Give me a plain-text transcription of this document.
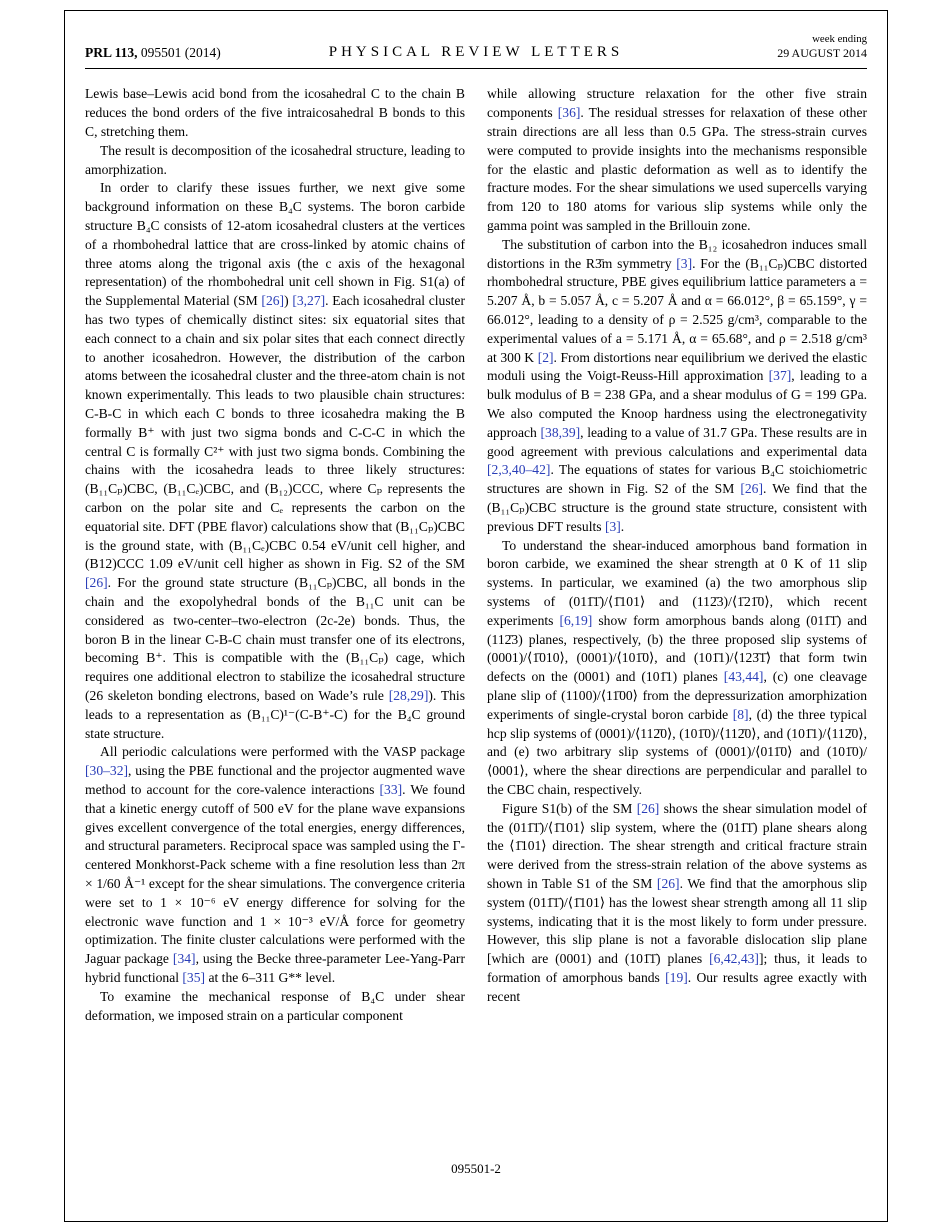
PRL 113, 095501 (2014)	PHYSICAL REVIEW LETTERS
week ending
29 AUGUST 2014

Lewis base–Lewis acid bond from the icosahedral C to the chain B reduces the bond orders of the five intraicosahedral B bonds to this C, stretching them.

The result is decomposition of the icosahedral structure, leading to amorphization.

In order to clarify these issues further, we next give some background information on these B₄C systems. The boron carbide structure B₄C consists of 12-atom icosahedral clusters at the vertices of a rhombohedral lattice that are cross-linked by atomic chains of three atoms along the trigonal axis (the c axis of the hexagonal representation) of the rhombohedral unit cell shown in Fig. S1(a) of the Supplemental Material (SM [26]) [3,27]. Each icosahedral cluster has two types of chemically distinct sites: six equatorial sites that each connect to a chain and six polar sites that each connect directly to another icosahedron. However, the distribution of the carbon atoms between the icosahedral cluster and the three-atom chain is not known experimentally. This leads to two plausible chain structures: C-B-C in which each C bonds to three icosahedra making the B formally B⁺ with just two sigma bonds and C-C-C in which the central C is formally C²⁺ with just two sigma bonds. Combining the chains with the icosahedra leads to three likely structures: (B₁₁Cₚ)CBC, (B₁₁Cₑ)CBC, and (B₁₂)CCC, where Cₚ represents the carbon on the polar site and Cₑ represents the carbon on the equatorial site. DFT (PBE flavor) calculations show that (B₁₁Cₚ)CBC is the ground state, with (B₁₁Cₑ)CBC 0.54 eV/unit cell higher, and (B12)CCC 1.09 eV/unit cell higher as shown in Fig. S2 of the SM [26]. For the ground state structure (B₁₁Cₚ)CBC, all bonds in the chain and the exopolyhedral bonds of the B₁₁C unit can be considered as two-center–two-electron (2c-2e) bonds. Thus, the boron B in the linear C-B-C chain must transfer one of its electrons, becoming B⁺. This is compatible with the (B₁₁Cₚ) cage, which requires one additional electron to stabilize the icosahedral structure (26 skeleton bonding electrons, based on Wade’s rule [28,29]). This leads to a representation as (B₁₁C)¹⁻(C-B⁺-C) for the B₄C ground state structure.

All periodic calculations were performed with the VASP package [30–32], using the PBE functional and the projector augmented wave method to account for the core-valence interactions [33]. We found that a kinetic energy cutoff of 500 eV for the plane wave expansions gives excellent convergence of the total energies, energy differences, and structural parameters. Reciprocal space was sampled using the Γ-centered Monkhorst-Pack scheme with a fine resolution less than 2π × 1/60 Å⁻¹ except for the shear simulations. The convergence criteria were set to 1 × 10⁻⁶ eV energy difference for solving for the electronic wave function and 1 × 10⁻³ eV/Å force for geometry optimization. The finite cluster calculations were performed with the Jaguar package [34], using the Becke three-parameter Lee-Yang-Parr hybrid functional [35] at the 6–311 G** level.

To examine the mechanical response of B₄C under shear deformation, we imposed strain on a particular component

while allowing structure relaxation for the other five strain components [36]. The residual stresses for relaxation of these other strain directions are all less than 0.5 GPa. The stress-strain curves were computed to provide insights into the mechanisms responsible for the elastic and plastic deformation as well as to identify the fracture modes. For the shear simulations we used supercells varying from 120 to 180 atoms for various slip systems while only the gamma point was sampled in the Brillouin zone.

The substitution of carbon into the B₁₂ icosahedron induces small distortions in the R3̄m symmetry [3]. For the (B₁₁Cₚ)CBC distorted rhombohedral structure, PBE gives equilibrium lattice parameters a = 5.207 Å, b = 5.057 Å, c = 5.207 Å and α = 66.012°, β = 65.159°, γ = 66.012°, leading to a density of ρ = 2.525 g/cm³, comparable to the experimental values of a = 5.171 Å, α = 65.68°, and ρ = 2.518 g/cm³ at 300 K [2]. From distortions near equilibrium we derived the elastic moduli using the Voigt-Reuss-Hill approximation [37], leading to a bulk modulus of B = 238 GPa, and a shear modulus of G = 199 GPa. We also computed the Knoop hardness using the electronegativity approach [38,39], leading to a value of 31.7 GPa. These results are in good agreement with previous calculations and experimental data [2,3,40–42]. The equations of states for various B₄C stoichiometric structures are shown in Fig. S2 of the SM [26]. We find that the (B₁₁Cₚ)CBC structure is the ground state structure, consistent with previous DFT results [3].

To understand the shear-induced amorphous band formation in boron carbide, we examined the shear strength at 0 K of 11 slip systems. In particular, we examined (a) the two amorphous slip systems of (011̄1̄)/⟨1̄101⟩ and (112̄3)/⟨1̄21̄0⟩, which recent experiments [6,19] show form amorphous bands along (011̄1̄) and (112̄3) planes, respectively, (b) the three proposed slip systems of (0001)/⟨1̄010⟩, (0001)/⟨101̄0⟩, and (101̄1)/⟨123̄1̄⟩ that form twin defects on the (0001) and (101̄1) planes [43,44], (c) one cleavage plane slip of (1100)/⟨11̄00⟩ from the depressurization amorphization experiments of single-crystal boron carbide [8], (d) the three typical hcp slip systems of (0001)/⟨112̄0⟩, (101̄0)/⟨112̄0⟩, and (101̄1)/⟨112̄0⟩, and (e) two arbitrary slip systems of (0001)/⟨011̄0⟩ and (101̄0)/⟨0001⟩, where the shear directions are perpendicular and parallel to the CBC chain, respectively.

Figure S1(b) of the SM [26] shows the shear simulation model of the (011̄1̄)/⟨1̄101⟩ slip system, where the (011̄1̄) plane shears along the ⟨1̄101⟩ direction. The shear strength and critical fracture strain were derived from the stress-strain relation of the above systems as shown in Table S1 of the SM [26]. We find that the amorphous slip system (011̄1̄)/⟨1̄101⟩ has the lowest shear strength among all 11 slip systems, indicating that it is the most likely to form under pressure. However, this slip plane is not a favorable dislocation slip plane [which are (0001) and (101̄1̄) planes [6,42,43]]; thus, it leads to formation of amorphous bands [19]. Our results agree exactly with recent

095501-2
